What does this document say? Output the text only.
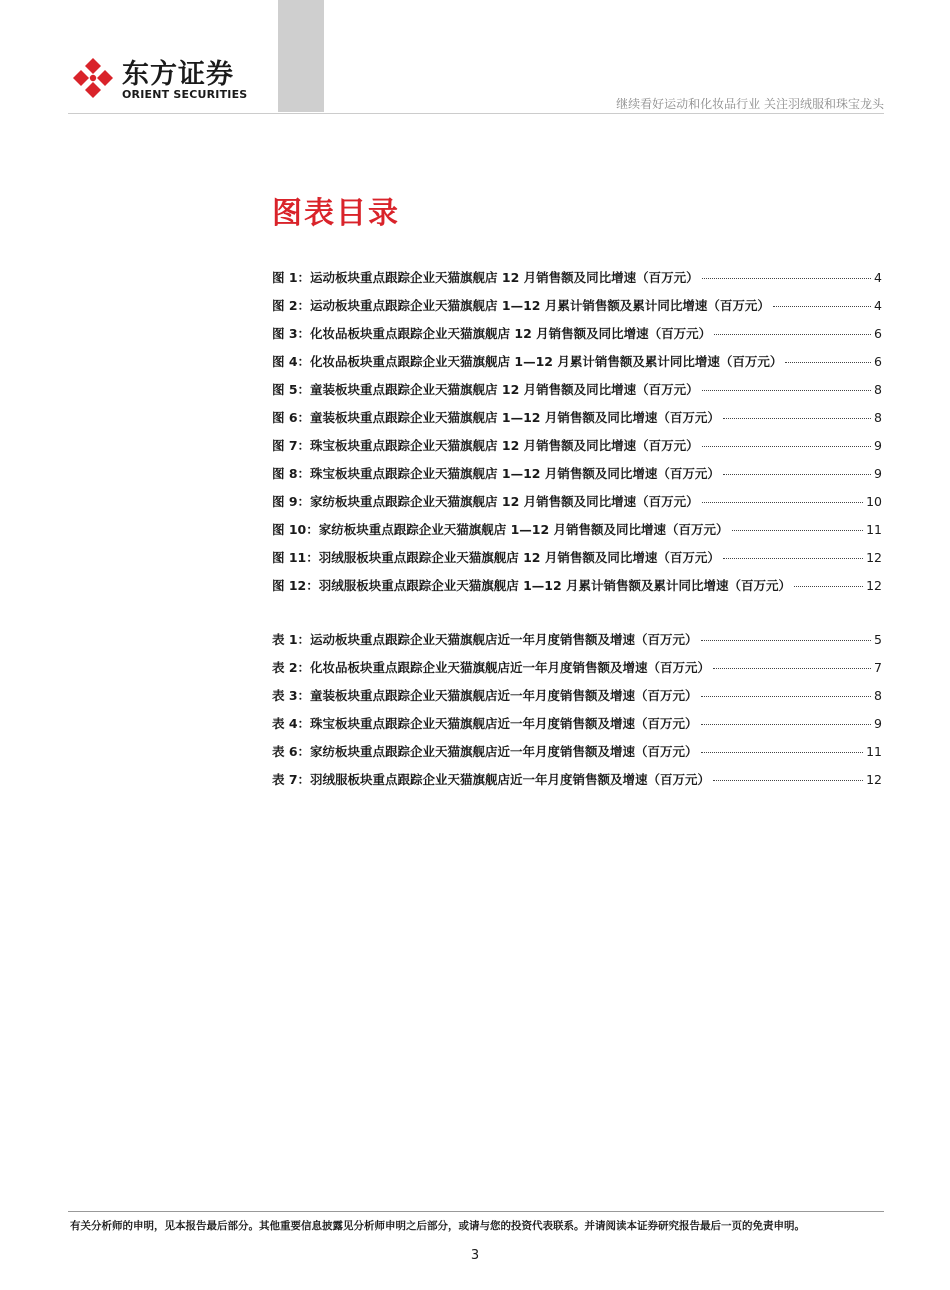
东方证券
ORIENT SECURITIES
继续看好运动和化妆品行业 关注羽绒服和珠宝龙头
图表目录
图 1：运动板块重点跟踪企业天猫旗舰店 12 月销售额及同比增速（百万元）	4
图 2：运动板块重点跟踪企业天猫旗舰店 1—12 月累计销售额及累计同比增速（百万元）	4
图 3：化妆品板块重点跟踪企业天猫旗舰店 12 月销售额及同比增速（百万元）	6
图 4：化妆品板块重点跟踪企业天猫旗舰店 1—12 月累计销售额及累计同比增速（百万元）	6
图 5：童装板块重点跟踪企业天猫旗舰店 12 月销售额及同比增速（百万元）	8
图 6：童装板块重点跟踪企业天猫旗舰店 1—12 月销售额及同比增速（百万元）	8
图 7：珠宝板块重点跟踪企业天猫旗舰店 12 月销售额及同比增速（百万元）	9
图 8：珠宝板块重点跟踪企业天猫旗舰店 1—12 月销售额及同比增速（百万元）	9
图 9：家纺板块重点跟踪企业天猫旗舰店 12 月销售额及同比增速（百万元）	10
图 10：家纺板块重点跟踪企业天猫旗舰店 1—12 月销售额及同比增速（百万元）	11
图 11：羽绒服板块重点跟踪企业天猫旗舰店 12 月销售额及同比增速（百万元）	12
图 12：羽绒服板块重点跟踪企业天猫旗舰店 1—12 月累计销售额及累计同比增速（百万元）	12
表 1：运动板块重点跟踪企业天猫旗舰店近一年月度销售额及增速（百万元）	5
表 2：化妆品板块重点跟踪企业天猫旗舰店近一年月度销售额及增速（百万元）	7
表 3：童装板块重点跟踪企业天猫旗舰店近一年月度销售额及增速（百万元）	8
表 4：珠宝板块重点跟踪企业天猫旗舰店近一年月度销售额及增速（百万元）	9
表 6：家纺板块重点跟踪企业天猫旗舰店近一年月度销售额及增速（百万元）	11
表 7：羽绒服板块重点跟踪企业天猫旗舰店近一年月度销售额及增速（百万元）	12
有关分析师的申明，见本报告最后部分。其他重要信息披露见分析师申明之后部分，或请与您的投资代表联系。并请阅读本证券研究报告最后一页的免责申明。
3
